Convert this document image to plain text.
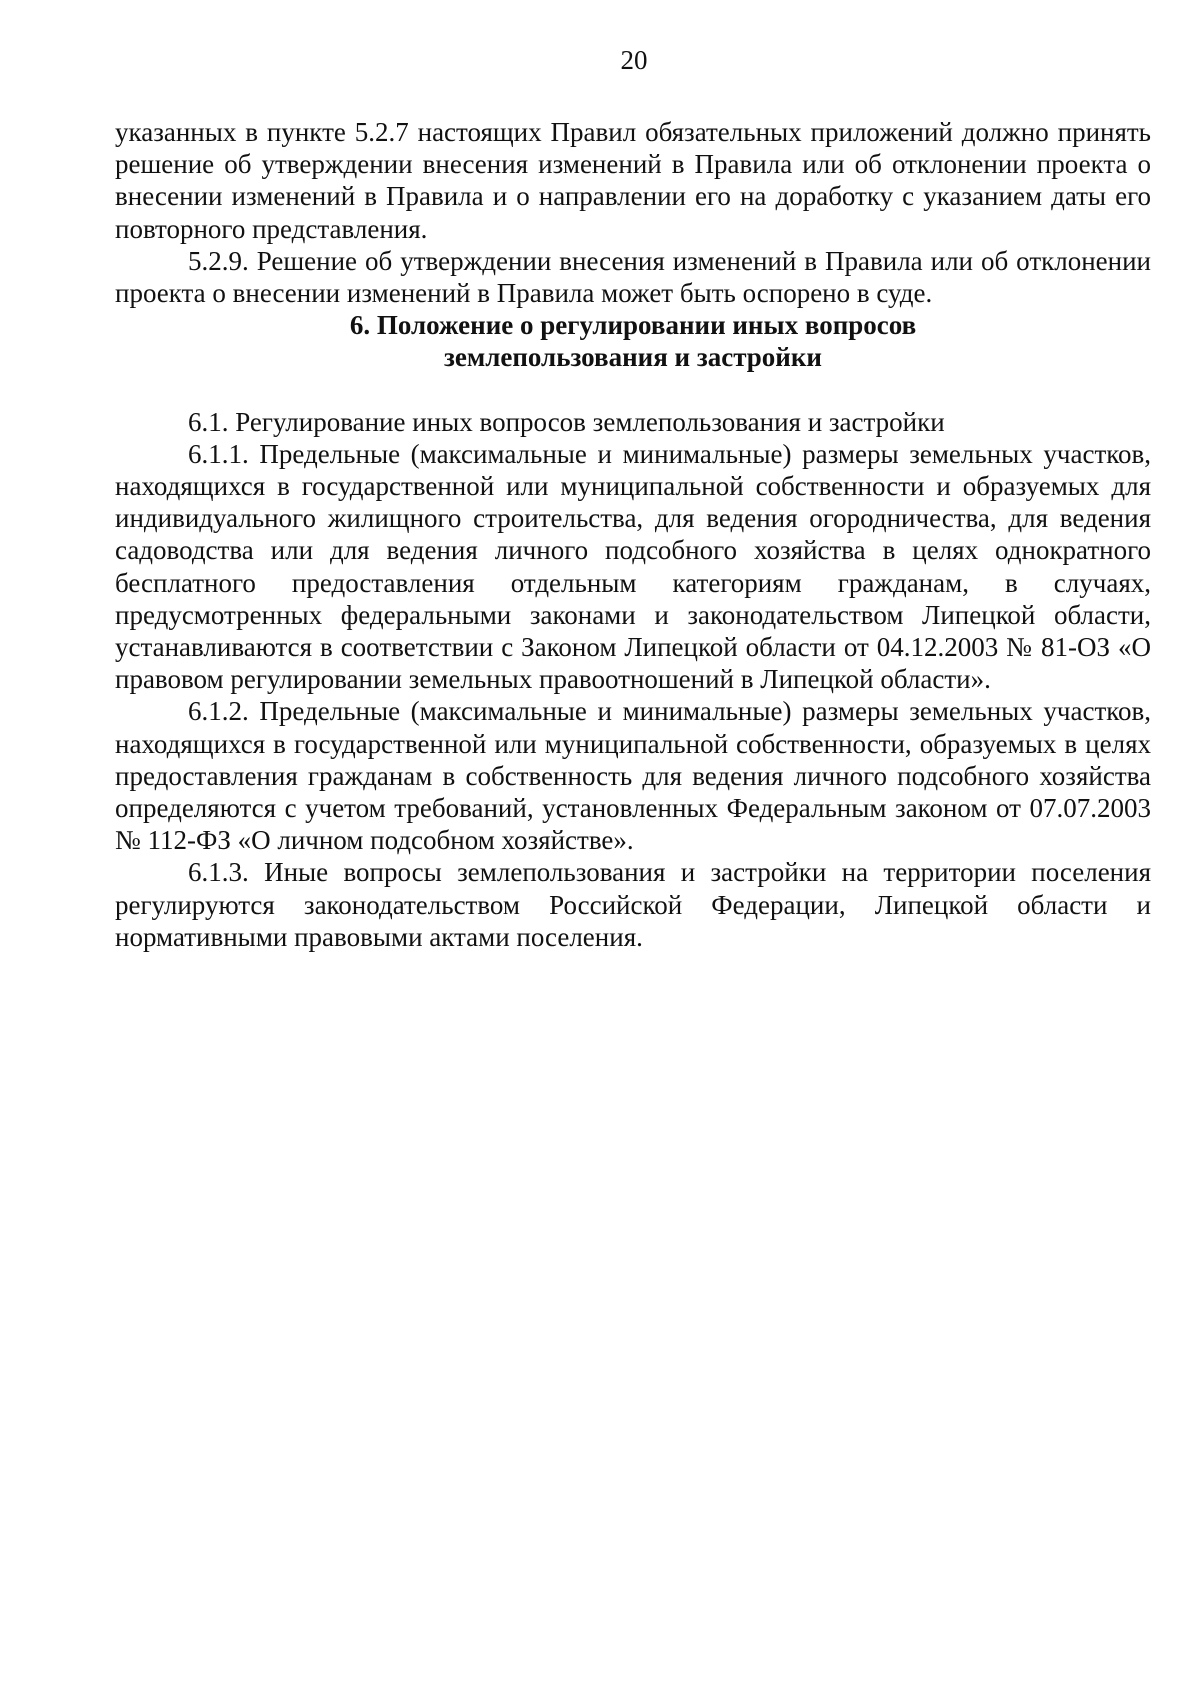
20

указанных в пункте 5.2.7 настоящих Правил обязательных приложений должно принять решение об утверждении внесения изменений в Правила или об отклонении проекта о внесении изменений в Правила и о направлении его на доработку с указанием даты его повторного представления.

5.2.9. Решение об утверждении внесения изменений в Правила или об отклонении проекта о внесении изменений в Правила может быть оспорено в суде.

6. Положение о регулировании иных вопросов
землепользования и застройки

6.1. Регулирование иных вопросов землепользования и застройки

6.1.1. Предельные (максимальные и минимальные) размеры земельных участков, находящихся в государственной или муниципальной собственности и образуемых для индивидуального жилищного строительства, для ведения огородничества, для ведения садоводства или для ведения личного подсобного хозяйства в целях однократного бесплатного предоставления отдельным категориям гражданам, в случаях, предусмотренных федеральными законами и законодательством Липецкой области, устанавливаются в соответствии с Законом Липецкой области от 04.12.2003 № 81-ОЗ «О правовом регулировании земельных правоотношений в Липецкой области».

6.1.2. Предельные (максимальные и минимальные) размеры земельных участков, находящихся в государственной или муниципальной собственности, образуемых в целях предоставления гражданам в собственность для ведения личного подсобного хозяйства определяются с учетом требований, установленных Федеральным законом от 07.07.2003 № 112-ФЗ «О личном подсобном хозяйстве».

6.1.3. Иные вопросы землепользования и застройки на территории поселения регулируются законодательством Российской Федерации, Липецкой области и нормативными правовыми актами поселения.
